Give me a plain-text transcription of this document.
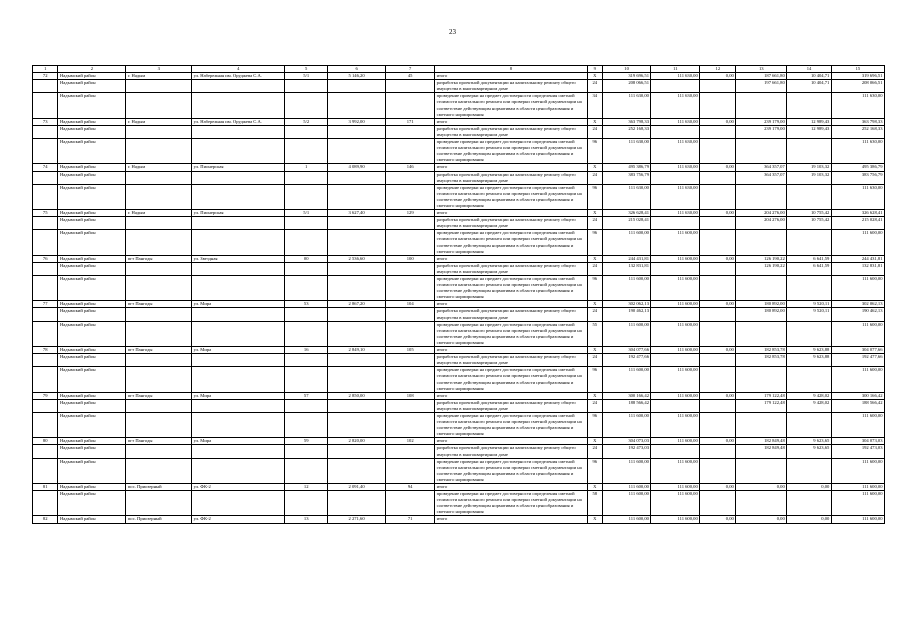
23
1	2	3	4	5	6	7	8	9	10	11	12	13	14	15
72	Надымский район	г. Надым	ул. Набережная им. Оруджева С.А.	5/1	5 146,20	45	итого	Х	319 696,51	111 630,00	0,00	187 661,80	10 404,71	319 696,51
	Надымский район						разработка проектной документации на капитальному ремонту общего имущества в многоквартирном доме	24	208 066,51			197 661,80	10 404,71	208 066,51
	Надымский район						проведение проверки на предмет достоверности определения сметной стоимости капитального ремонта или проверки сметной документации на соответствие действующим нормативам в области ценообразования и сметного нормирования	34	111 630,00	111 630,00				111 630,00
73	Надымский район	г. Надым	ул. Набережная им. Оруджева С.А.	5/2	3 992,00	171	итого	Х	363 798,33	111 630,00	0,00	239 179,00	12 989,43	363 798,33
	Надымский район						разработка проектной документации на капитальному ремонту общего имущества в многоквартирном доме	24	252 168,33			239 179,00	12 989,43	252 168,33
	Надымский район						проведение проверки на предмет достоверности определения сметной стоимости капитального ремонта или проверки сметной документации на соответствие действующим нормативам в области ценообразования и сметного нормирования	96	111 630,00	111 630,00				111 630,00
74	Надымский район	г. Надым	ул. Пионерская	1	4 089,90	146	итого	Х	495 386,79	111 630,00	0,00	364 357,07	19 103,32	495 386,79
	Надымский район						разработка проектной документации на капитальному ремонту общего имущества в многоквартирном доме	24	383 756,79			364 357,07	19 103,32	383 756,79
	Надымский район						проведение проверки на предмет достоверности определения сметной стоимости капитального ремонта или проверки сметной документации на соответствие действующим нормативам в области ценообразования и сметного нормирования	96	111 630,00	111 630,00				111 630,00
75	Надымский район	г. Надым	ул. Пионерская	5/1	3 627,40	129	итого	Х	326 628,41	111 630,00	0,00	204 276,00	10 755,42	326 628,41
	Надымский район						разработка проектной документации на капитальному ремонту общего имущества в многоквартирном доме	24	215 028,41			204 276,00	10 755,42	215 028,41
	Надымский район						проведение проверки на предмет достоверности определения сметной стоимости капитального ремонта или проверки сметной документации на соответствие действующим нормативам в области ценообразования и сметного нормирования	96	111 600,00	111 600,00				111 600,00
76	Надымский район	пгт Пангоды	ул. Звездная	00	2 536,60	100	итого	Х	244 431,81	111 600,00	0,00	126 190,22	6 641,59	244 431,81
	Надымский район						разработка проектной документации на капитальному ремонту общего имущества в многоквартирном доме	24	132 831,81			126 190,22	6 641,59	132 831,81
	Надымский район						проведение проверки на предмет достоверности определения сметной стоимости капитального ремонта или проверки сметной документации на соответствие действующим нормативам в области ценообразования и сметного нормирования	96	111 600,00	111 600,00				111 600,00
77	Надымский район	пгт Пангоды	ул. Мира	53	2 867,20	104	итого	Х	302 062,13	111 600,00	0,00	180 892,00	9 520,11	302 062,13
	Надымский район						разработка проектной документации на капитальному ремонту общего имущества в многоквартирном доме	24	190 462,13			180 892,00	9 520,11	190 462,13
	Надымский район						проведение проверки на предмет достоверности определения сметной стоимости капитального ремонта или проверки сметной документации на соответствие действующим нормативам в области ценообразования и сметного нормирования	55	111 600,00	111 600,00				111 600,00
78	Надымский район	пгт Пангоды	ул. Мира	16	2 849,10	105	итого	Х	304 077,66	111 600,00	0,00	182 853,78	9 623,88	304 077,66
	Надымский район						разработка проектной документации на капитальному ремонту общего имущества в многоквартирном доме	24	192 477,66			182 853,78	9 623,88	192 477,66
	Надымский район						проведение проверки на предмет достоверности определения сметной стоимости капитального ремонта или проверки сметной документации на соответствие действующим нормативам в области ценообразования и сметного нормирования	96	111 600,00	111 600,00				111 600,00
79	Надымский район	пгт Пангоды	ул. Мира	57	2 850,00	108	итого	Х	300 166,42	111 600,00	0,00	179 122,48	9 428,02	300 166,42
	Надымский район						разработка проектной документации на капитальному ремонту общего имущества в многоквартирном доме	24	188 566,42			179 122,48	9 428,02	188 566,42
	Надымский район						проведение проверки на предмет достоверности определения сметной стоимости капитального ремонта или проверки сметной документации на соответствие действующим нормативам в области ценообразования и сметного нормирования	96	111 600,00	111 600,00				111 600,00
80	Надымский район	пгт Пангоды	ул. Мира	59	2 820,00	102	итого	Х	304 073,03	111 600,00	0,00	182 849,48	9 623,65	304 073,03
	Надымский район						разработка проектной документации на капитальному ремонту общего имущества в многоквартирном доме	24	192 473,03			182 849,48	9 623,65	192 473,03
	Надымский район						проведение проверки на предмет достоверности определения сметной стоимости капитального ремонта или проверки сметной документации на соответствие действующим нормативам в области ценообразования и сметного нормирования	96	111 600,00	111 600,00				111 600,00
81	Надымский район	пос. Приозерный	ул. ФК-2	12	2 091,40	94	итого	Х	111 600,00	111 600,00	0,00	0,00	0,00	111 600,00
	Надымский район						проведение проверки на предмет достоверности определения сметной стоимости капитального ремонта или проверки сметной документации на соответствие действующим нормативам в области ценообразования и сметного нормирования	58	111 600,00	111 600,00				111 600,00
82	Надымский район	пос. Приозерный	ул. ФК-2	13	2 271,60	71	итого	Х	111 600,00	111 600,00	0,00	0,00	0,00	111 600,00
